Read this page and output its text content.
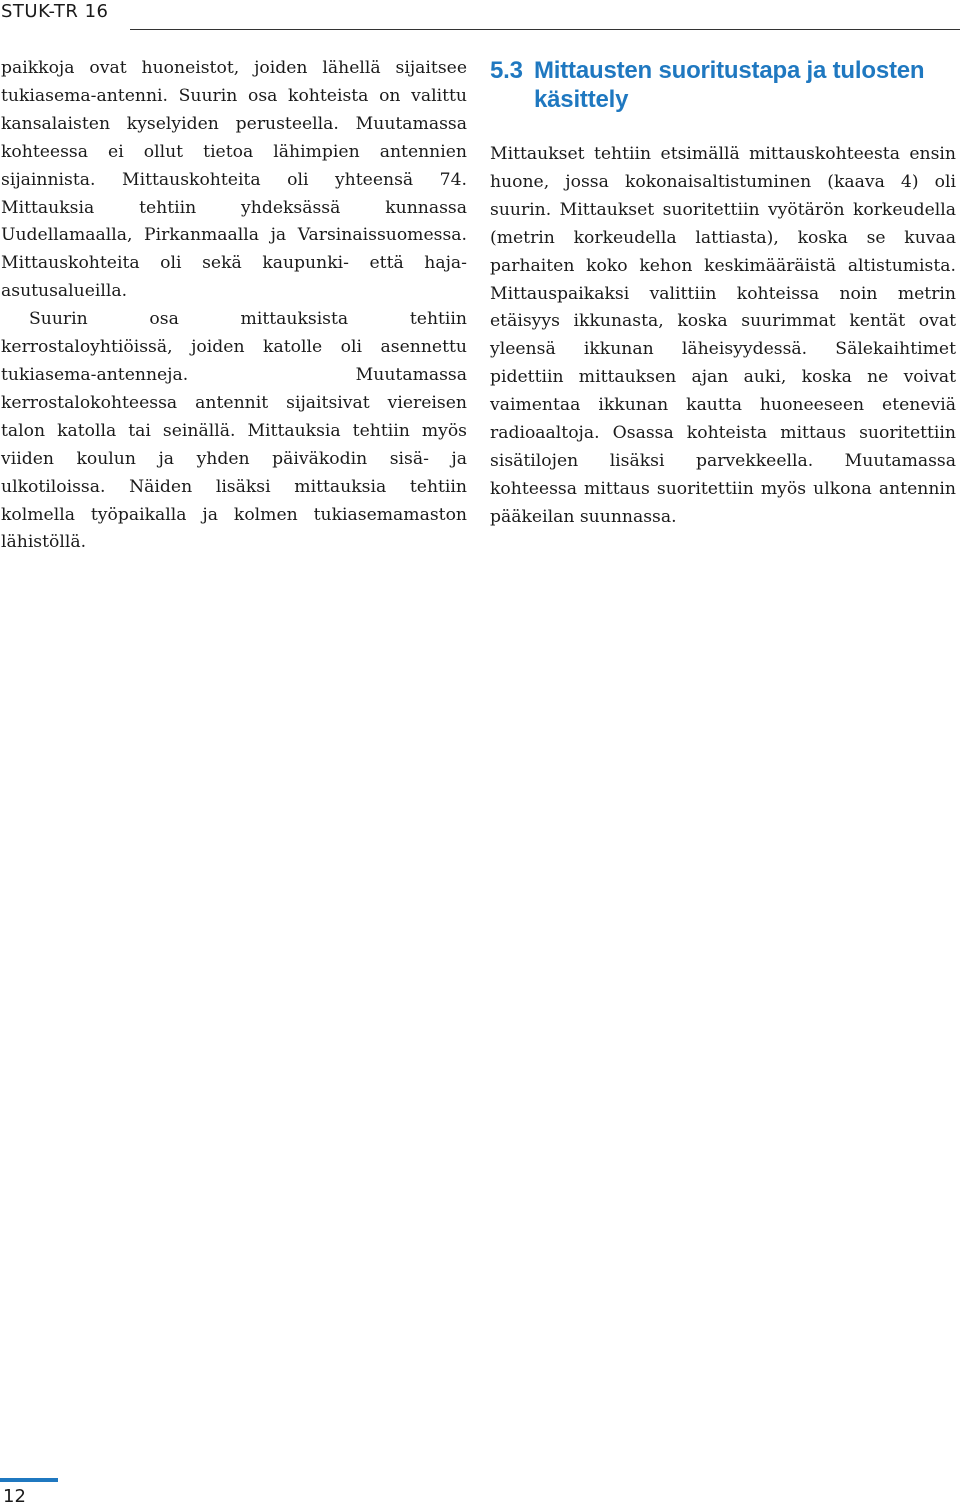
STUK-TR 16

paikkoja ovat huoneistot, joiden lähellä sijaitsee tukiasema-antenni. Suurin osa kohteista on valittu kansalaisten kyselyiden perusteella. Muutamassa kohteessa ei ollut tietoa lähimpien antennien sijainnista. Mittauskohteita oli yhteensä 74. Mittauksia tehtiin yhdeksässä kunnassa Uudellamaalla, Pirkanmaalla ja Varsinaissuomessa. Mittauskohteita oli sekä kaupunki- että haja-asutusalueilla.

Suurin osa mittauksista tehtiin kerrostaloyhtiöissä, joiden katolle oli asennettu tukiasema-antenneja. Muutamassa kerrostalokohteessa antennit sijaitsivat viereisen talon katolla tai seinällä. Mittauksia tehtiin myös viiden koulun ja yhden päiväkodin sisä- ja ulkotiloissa. Näiden lisäksi mittauksia tehtiin kolmella työpaikalla ja kolmen tukiasemamaston lähistöllä.

5.3 Mittausten suoritustapa ja tulosten käsittely

Mittaukset tehtiin etsimällä mittauskohteesta ensin huone, jossa kokonaisaltistuminen (kaava 4) oli suurin. Mittaukset suoritettiin vyötärön korkeudella (metrin korkeudella lattiasta), koska se kuvaa parhaiten koko kehon keskimääräistä altistumista. Mittauspaikaksi valittiin kohteissa noin metrin etäisyys ikkunasta, koska suurimmat kentät ovat yleensä ikkunan läheisyydessä. Sälekaihtimet pidettiin mittauksen ajan auki, koska ne voivat vaimentaa ikkunan kautta huoneeseen eteneviä radioaaltoja. Osassa kohteista mittaus suoritettiin sisätilojen lisäksi parvekkeella. Muutamassa kohteessa mittaus suoritettiin myös ulkona antennin pääkeilan suunnassa.

12
